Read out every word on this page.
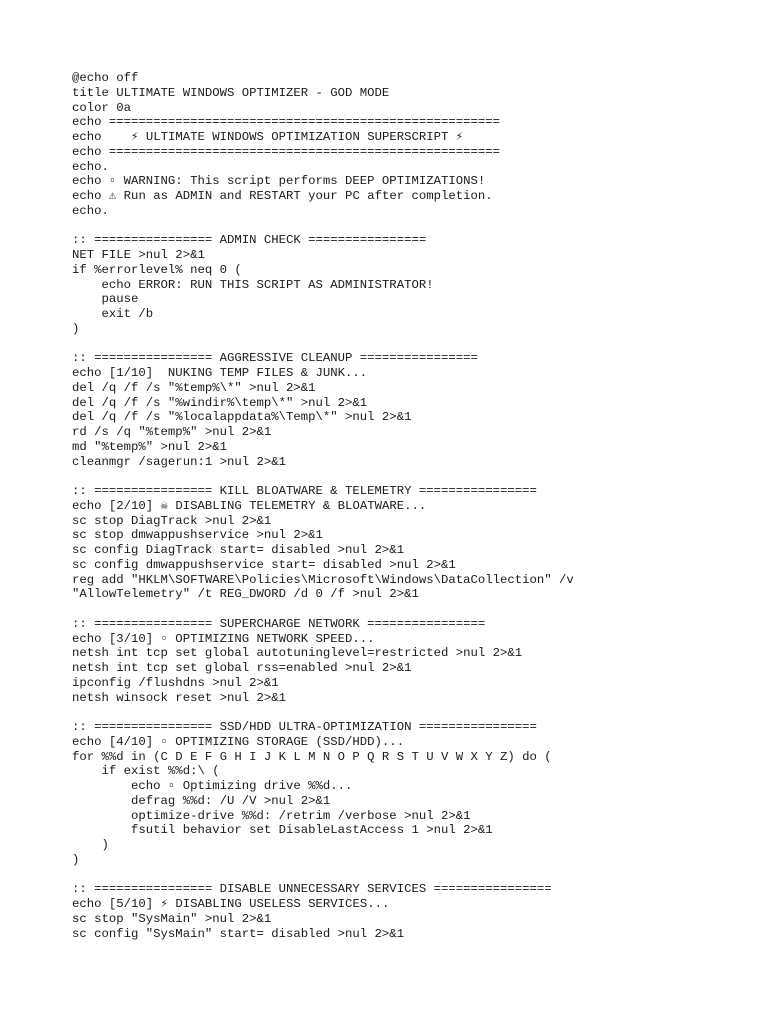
@echo off
title ULTIMATE WINDOWS OPTIMIZER - GOD MODE
color 0a
echo =====================================================
echo    ⚡ ULTIMATE WINDOWS OPTIMIZATION SUPERSCRIPT ⚡
echo =====================================================
echo.
echo ▫ WARNING: This script performs DEEP OPTIMIZATIONS!
echo ⚠ Run as ADMIN and RESTART your PC after completion.
echo.
:: ================ ADMIN CHECK ================
NET FILE >nul 2>&1
if %errorlevel% neq 0 (
echo ERROR: RUN THIS SCRIPT AS ADMINISTRATOR!
pause
exit /b
)
:: ================ AGGRESSIVE CLEANUP ================
echo [1/10]  NUKING TEMP FILES & JUNK...
del /q /f /s "%temp%\*" >nul 2>&1
del /q /f /s "%windir%\temp\*" >nul 2>&1
del /q /f /s "%localappdata%\Temp\*" >nul 2>&1
rd /s /q "%temp%" >nul 2>&1
md "%temp%" >nul 2>&1
cleanmgr /sagerun:1 >nul 2>&1
:: ================ KILL BLOATWARE & TELEMETRY ================
echo [2/10] ☠ DISABLING TELEMETRY & BLOATWARE...
sc stop DiagTrack >nul 2>&1
sc stop dmwappushservice >nul 2>&1
sc config DiagTrack start= disabled >nul 2>&1
sc config dmwappushservice start= disabled >nul 2>&1
reg add "HKLM\SOFTWARE\Policies\Microsoft\Windows\DataCollection" /v
"AllowTelemetry" /t REG_DWORD /d 0 /f >nul 2>&1
:: ================ SUPERCHARGE NETWORK ================
echo [3/10] ▫ OPTIMIZING NETWORK SPEED...
netsh int tcp set global autotuninglevel=restricted >nul 2>&1
netsh int tcp set global rss=enabled >nul 2>&1
ipconfig /flushdns >nul 2>&1
netsh winsock reset >nul 2>&1
:: ================ SSD/HDD ULTRA-OPTIMIZATION ================
echo [4/10] ▫ OPTIMIZING STORAGE (SSD/HDD)...
for %%d in (C D E F G H I J K L M N O P Q R S T U V W X Y Z) do (
if exist %%d:\ (
echo ▫ Optimizing drive %%d...
defrag %%d: /U /V >nul 2>&1
optimize-drive %%d: /retrim /verbose >nul 2>&1
fsutil behavior set DisableLastAccess 1 >nul 2>&1
)
)
:: ================ DISABLE UNNECESSARY SERVICES ================
echo [5/10] ⚡ DISABLING USELESS SERVICES...
sc stop "SysMain" >nul 2>&1
sc config "SysMain" start= disabled >nul 2>&1
